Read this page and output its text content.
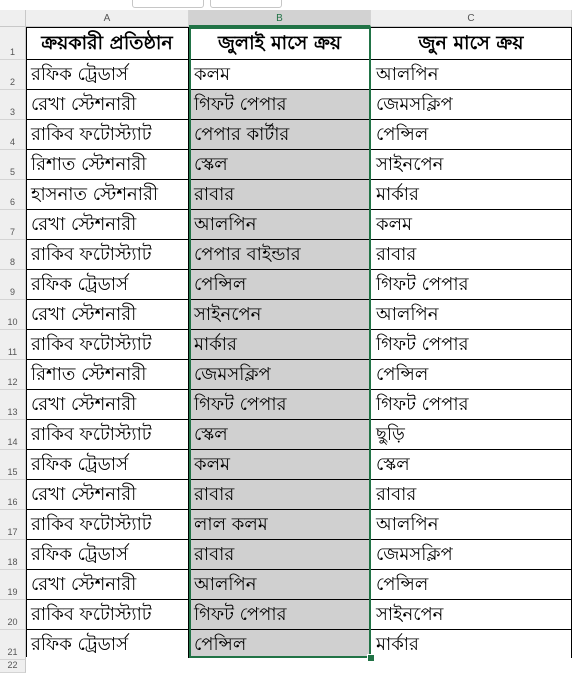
A	B	C
1
2
3
4
5
6
7
8
9
10
11
12
13
14
15
16
17
18
19
20
21
22
ক্রয়কারী প্রতিষ্ঠান	জুলাই মাসে ক্রয়	জুন মাসে ক্রয়
রফিক ট্রেডার্স	কলম	আলপিন
রেখা স্টেশনারী	গিফট পেপার	জেমসক্লিপ
রাকিব ফটোস্ট্যাট	পেপার কার্টার	পেন্সিল
রিশাত স্টেশনারী	স্কেল	সাইনপেন
হাসনাত স্টেশনারী	রাবার	মার্কার
রেখা স্টেশনারী	আলপিন	কলম
রাকিব ফটোস্ট্যাট	পেপার বাইন্ডার	রাবার
রফিক ট্রেডার্স	পেন্সিল	গিফট পেপার
রেখা স্টেশনারী	সাইনপেন	আলপিন
রাকিব ফটোস্ট্যাট	মার্কার	গিফট পেপার
রিশাত স্টেশনারী	জেমসক্লিপ	পেন্সিল
রেখা স্টেশনারী	গিফট পেপার	গিফট পেপার
রাকিব ফটোস্ট্যাট	স্কেল	ছুড়ি
রফিক ট্রেডার্স	কলম	স্কেল
রেখা স্টেশনারী	রাবার	রাবার
রাকিব ফটোস্ট্যাট	লাল কলম	আলপিন
রফিক ট্রেডার্স	রাবার	জেমসক্লিপ
রেখা স্টেশনারী	আলপিন	পেন্সিল
রাকিব ফটোস্ট্যাট	গিফট পেপার	সাইনপেন
রফিক ট্রেডার্স	পেন্সিল	মার্কার
